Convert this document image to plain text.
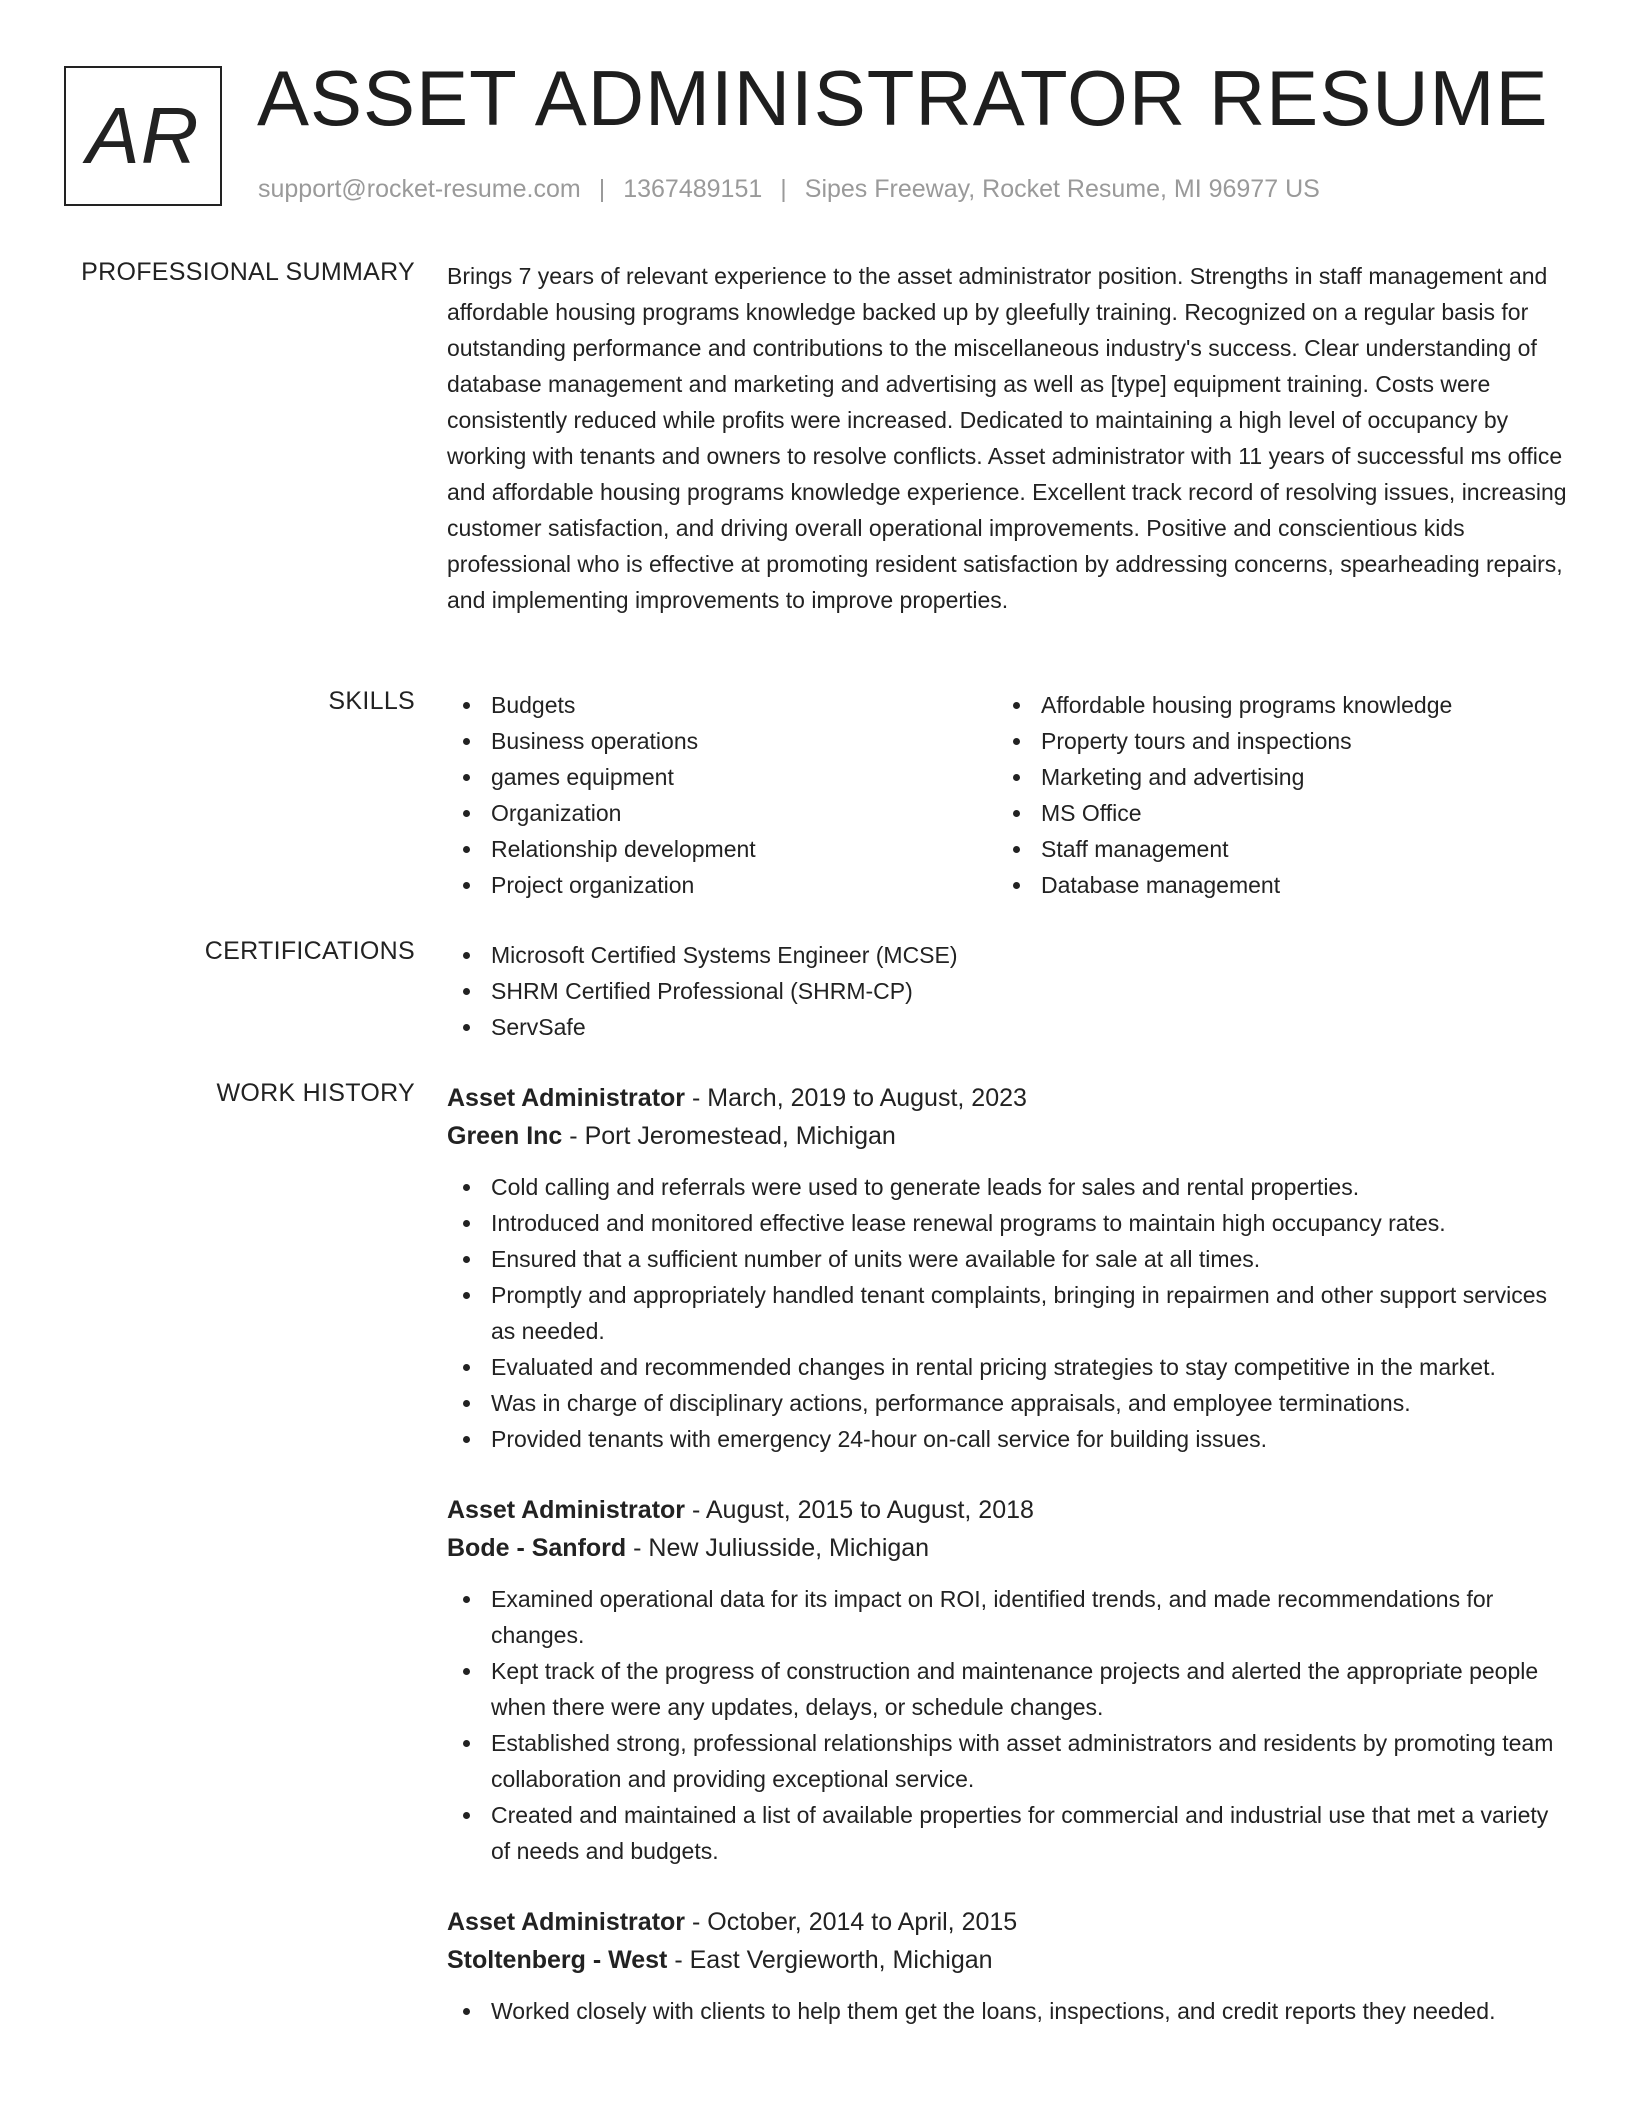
AR ASSET ADMINISTRATOR RESUME
support@rocket-resume.com | 1367489151 | Sipes Freeway, Rocket Resume, MI 96977 US
PROFESSIONAL SUMMARY Brings 7 years of relevant experience to the asset administrator position. Strengths in staff management and affordable housing programs knowledge backed up by gleefully training. Recognized on a regular basis for outstanding performance and contributions to the miscellaneous industry's success. Clear understanding of database management and marketing and advertising as well as [type] equipment training. Costs were consistently reduced while profits were increased. Dedicated to maintaining a high level of occupancy by working with tenants and owners to resolve conflicts. Asset administrator with 11 years of successful ms office and affordable housing programs knowledge experience. Excellent track record of resolving issues, increasing customer satisfaction, and driving overall operational improvements. Positive and conscientious kids professional who is effective at promoting resident satisfaction by addressing concerns, spearheading repairs, and implementing improvements to improve properties.

SKILLS	Budgets
Business operations
games equipment
Organization
Relationship development
Project organization
Affordable housing programs knowledge
Property tours and inspections
Marketing and advertising
MS Office
Staff management
Database management
CERTIFICATIONS	Microsoft Certified Systems Engineer (MCSE)
SHRM Certified Professional (SHRM-CP)
ServSafe
WORK HISTORY Asset Administrator - March, 2019 to August, 2023
Green Inc - Port Jeromestead, Michigan
Cold calling and referrals were used to generate leads for sales and rental properties.
Introduced and monitored effective lease renewal programs to maintain high occupancy rates.
Ensured that a sufficient number of units were available for sale at all times.
Promptly and appropriately handled tenant complaints, bringing in repairmen and other support services as needed.
Evaluated and recommended changes in rental pricing strategies to stay competitive in the market.
Was in charge of disciplinary actions, performance appraisals, and employee terminations.
Provided tenants with emergency 24-hour on-call service for building issues.
Asset Administrator - August, 2015 to August, 2018
Bode - Sanford - New Juliusside, Michigan
Examined operational data for its impact on ROI, identified trends, and made recommendations for changes.
Kept track of the progress of construction and maintenance projects and alerted the appropriate people when there were any updates, delays, or schedule changes.
Established strong, professional relationships with asset administrators and residents by promoting team collaboration and providing exceptional service.
Created and maintained a list of available properties for commercial and industrial use that met a variety of needs and budgets.
Asset Administrator - October, 2014 to April, 2015
Stoltenberg - West - East Vergieworth, Michigan
Worked closely with clients to help them get the loans, inspections, and credit reports they needed.
